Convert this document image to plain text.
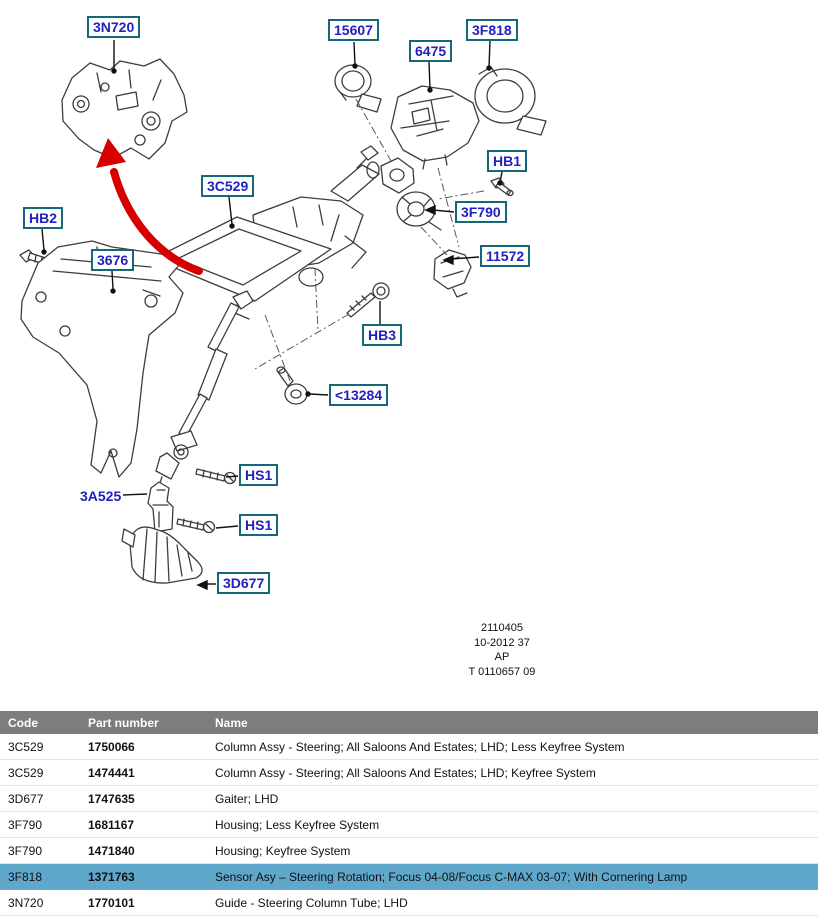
3N720	15607
6475
3F818
HB1
3F790
11572
3C529
HB2
3676
HB3
<13284
HS1
3A525
HS1
3D677
2110405
10-2012 37
AP
T 0110657 09
Code	Part number	Name
3C529	1750066	Column Assy - Steering; All Saloons And Estates; LHD; Less Keyfree System
3C529	1474441	Column Assy - Steering; All Saloons And Estates; LHD; Keyfree System
3D677	1747635	Gaiter; LHD
3F790	1681167	Housing; Less Keyfree System
3F790	1471840	Housing; Keyfree System
3F818	1371763	Sensor Asy – Steering Rotation; Focus 04-08/Focus C-MAX 03-07; With Cornering Lamp
3N720	1770101	Guide - Steering Column Tube; LHD
